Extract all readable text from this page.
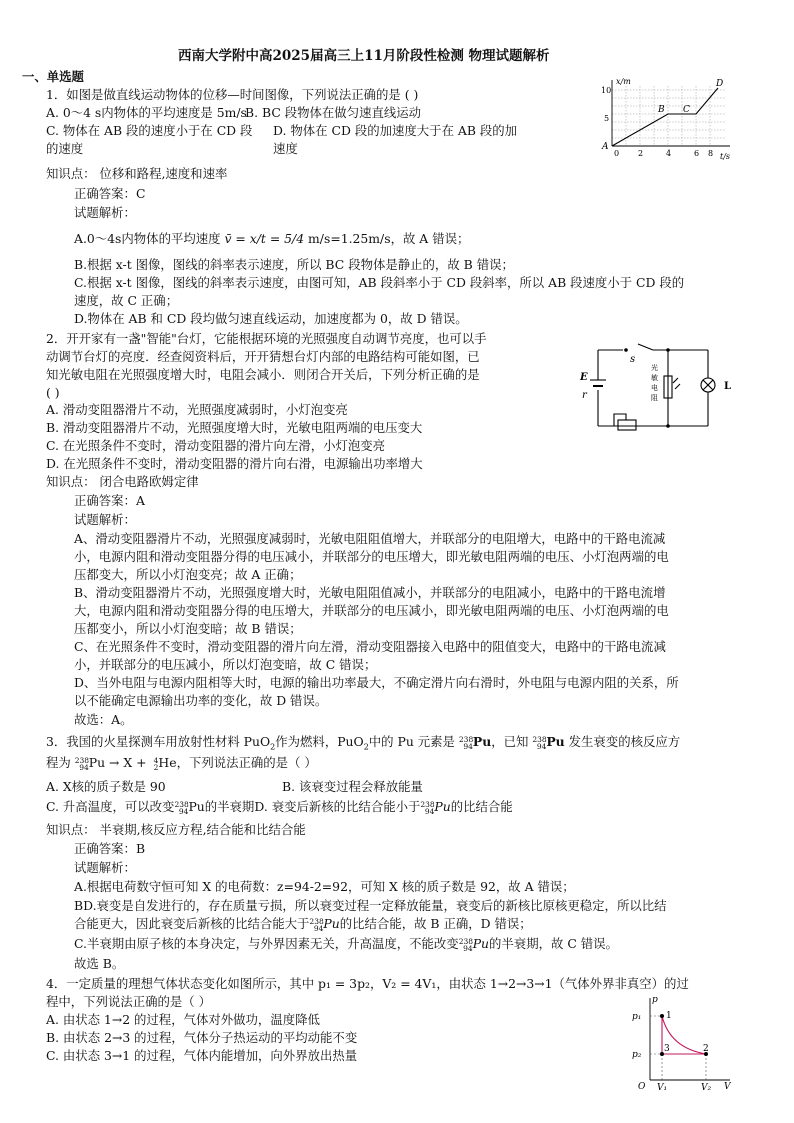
西南大学附中高2025届高三上11月阶段性检测 物理试题解析
一、单选题
1．如图是做直线运动物体的位移—时间图像，下列说法正确的是 ( )
A. 0～4 s内物体的平均速度是 5m/s
B. BC 段物体在做匀速直线运动
C. 物体在 AB 段的速度小于在 CD 段
的速度
D. 物体在 CD 段的加速度大于在 AB 段的加
速度
知识点： 位移和路程,速度和速率
正确答案：C
试题解析：
A.0～4s内物体的平均速度 v̄ = x/t = 5/4 m/s=1.25m/s，故 A 错误；
B.根据 x-t 图像，图线的斜率表示速度，所以 BC 段物体是静止的，故 B 错误；
C.根据 x-t 图像，图线的斜率表示速度，由图可知，AB 段斜率小于 CD 段斜率，所以 AB 段速度小于 CD 段的
速度，故 C 正确；
D.物体在 AB 和 CD 段均做匀速直线运动，加速度都为 0，故 D 错误。
x/m
t/s
10
5
2	4	6 8
0
A
B C
D
2．开开家有一盏"智能"台灯，它能根据环境的光照强度自动调节亮度，也可以手
动调节台灯的亮度．经查阅资料后，开开猜想台灯内部的电路结构可能如图，已
知光敏电阻在光照强度增大时，电阻会减小．则闭合开关后，下列分析正确的是
( )
A. 滑动变阻器滑片不动，光照强度减弱时，小灯泡变亮
B. 滑动变阻器滑片不动，光照强度增大时，光敏电阻两端的电压变大
C. 在光照条件不变时，滑动变阻器的滑片向左滑，小灯泡变亮
D. 在光照条件不变时，滑动变阻器的滑片向右滑，电源输出功率增大
知识点： 闭合电路欧姆定律
正确答案：A
试题解析：
A、滑动变阻器滑片不动，光照强度减弱时，光敏电阻阻值增大，并联部分的电阻增大，电路中的干路电流减
小，电源内阻和滑动变阻器分得的电压减小，并联部分的电压增大，即光敏电阻两端的电压、小灯泡两端的电
压都变大，所以小灯泡变亮；故 A 正确；
B、滑动变阻器滑片不动，光照强度增大时，光敏电阻阻值减小，并联部分的电阻减小，电路中的干路电流增
大，电源内阻和滑动变阻器分得的电压增大，并联部分的电压减小，即光敏电阻两端的电压、小灯泡两端的电
压都变小，所以小灯泡变暗；故 B 错误；
C、在光照条件不变时，滑动变阻器的滑片向左滑，滑动变阻器接入电路中的阻值变大，电路中的干路电流减
小，并联部分的电压减小，所以灯泡变暗，故 C 错误；
D、当外电阻与电源内阻相等大时，电源的输出功率最大，不确定滑片向右滑时，外电阻与电源内阻的关系，所
以不能确定电源输出功率的变化，故 D 错误。
故选：A。
E
r
s
L
光
敏
电
阻
3．我国的火星探测车用放射性材料 PuO$_2$作为燃料，PuO$_2$中的 Pu 元素是 238
94 Pu，已知 238
94 Pu 发生衰变的核反应方
程为 238
94 Pu → X + 4
2 He，下列说法正确的是（ ）
A. X核的质子数是 90	B. 该衰变过程会释放能量
C. 升高温度，可以改变 238
94 Pu的半衰期D. 衰变后新核的比结合能小于 238
94 Pu的比结合能
知识点： 半衰期,核反应方程,结合能和比结合能
正确答案：B
试题解析：
A.根据电荷数守恒可知 X 的电荷数：z=94-2=92，可知 X 核的质子数是 92，故 A 错误；
BD.衰变是自发进行的，存在质量亏损，所以衰变过程一定释放能量，衰变后的新核比原核更稳定，所以比结
合能更大，因此衰变后新核的比结合能大于 238
94 Pu的比结合能，故 B 正确，D 错误；
C.半衰期由原子核的本身决定，与外界因素无关，升高温度，不能改变 238
94 Pu的半衰期，故 C 错误。
故选 B。
4．一定质量的理想气体状态变化如图所示，其中 p₁ = 3p₂，V₂ = 4V₁，由状态 1→2→3→1（气体外界非真空）的过
程中，下列说法正确的是（ ）
A. 由状态 1→2 的过程，气体对外做功，温度降低
B. 由状态 2→3 的过程，气体分子热运动的平均动能不变
C. 由状态 3→1 的过程，气体内能增加，向外界放出热量
p
V
O
p₁
p₂
V₁	V₂
1
2
3
